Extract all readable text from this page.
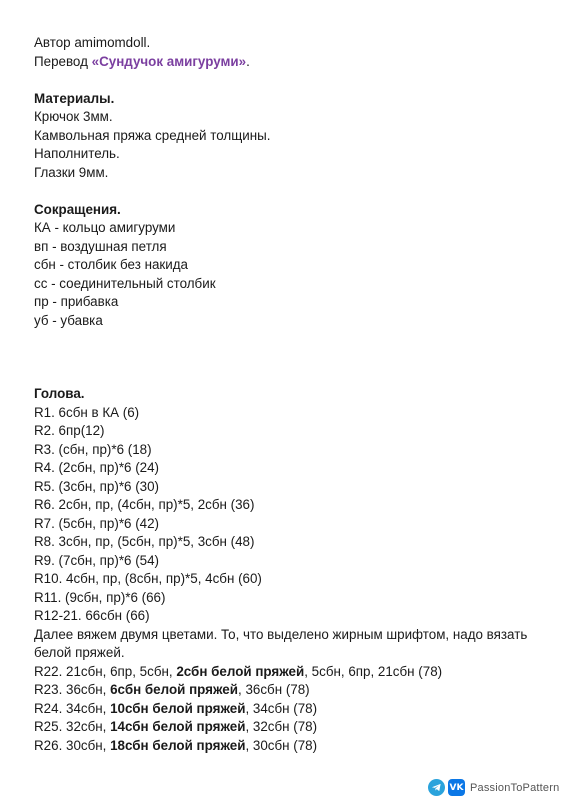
Автор amimomdoll.
Перевод «Сундучок амигуруми».
Материалы.
Крючок 3мм.
Камвольная пряжа средней толщины.
Наполнитель.
Глазки 9мм.
Сокращения.
КА - кольцо амигуруми
вп - воздушная петля
сбн - столбик без накида
сс - соединительный столбик
пр - прибавка
уб - убавка
Голова.
R1. 6сбн в КА (6)
R2. 6пр(12)
R3. (сбн, пр)*6 (18)
R4. (2сбн, пр)*6 (24)
R5. (3сбн, пр)*6 (30)
R6. 2сбн, пр, (4сбн, пр)*5, 2сбн (36)
R7. (5сбн, пр)*6 (42)
R8. 3сбн, пр, (5сбн, пр)*5, 3сбн (48)
R9. (7сбн, пр)*6 (54)
R10. 4сбн, пр, (8сбн, пр)*5, 4сбн (60)
R11. (9сбн, пр)*6 (66)
R12-21. 66сбн (66)
Далее вяжем двумя цветами. То, что выделено жирным шрифтом, надо вязать белой пряжей.
R22. 21сбн, 6пр, 5сбн, 2сбн белой пряжей, 5сбн, 6пр, 21сбн (78)
R23. 36сбн, 6сбн белой пряжей, 36сбн (78)
R24. 34сбн, 10сбн белой пряжей, 34сбн (78)
R25. 32сбн, 14сбн белой пряжей, 32сбн (78)
R26. 30сбн, 18сбн белой пряжей, 30сбн (78)
VK PassionToPattern
